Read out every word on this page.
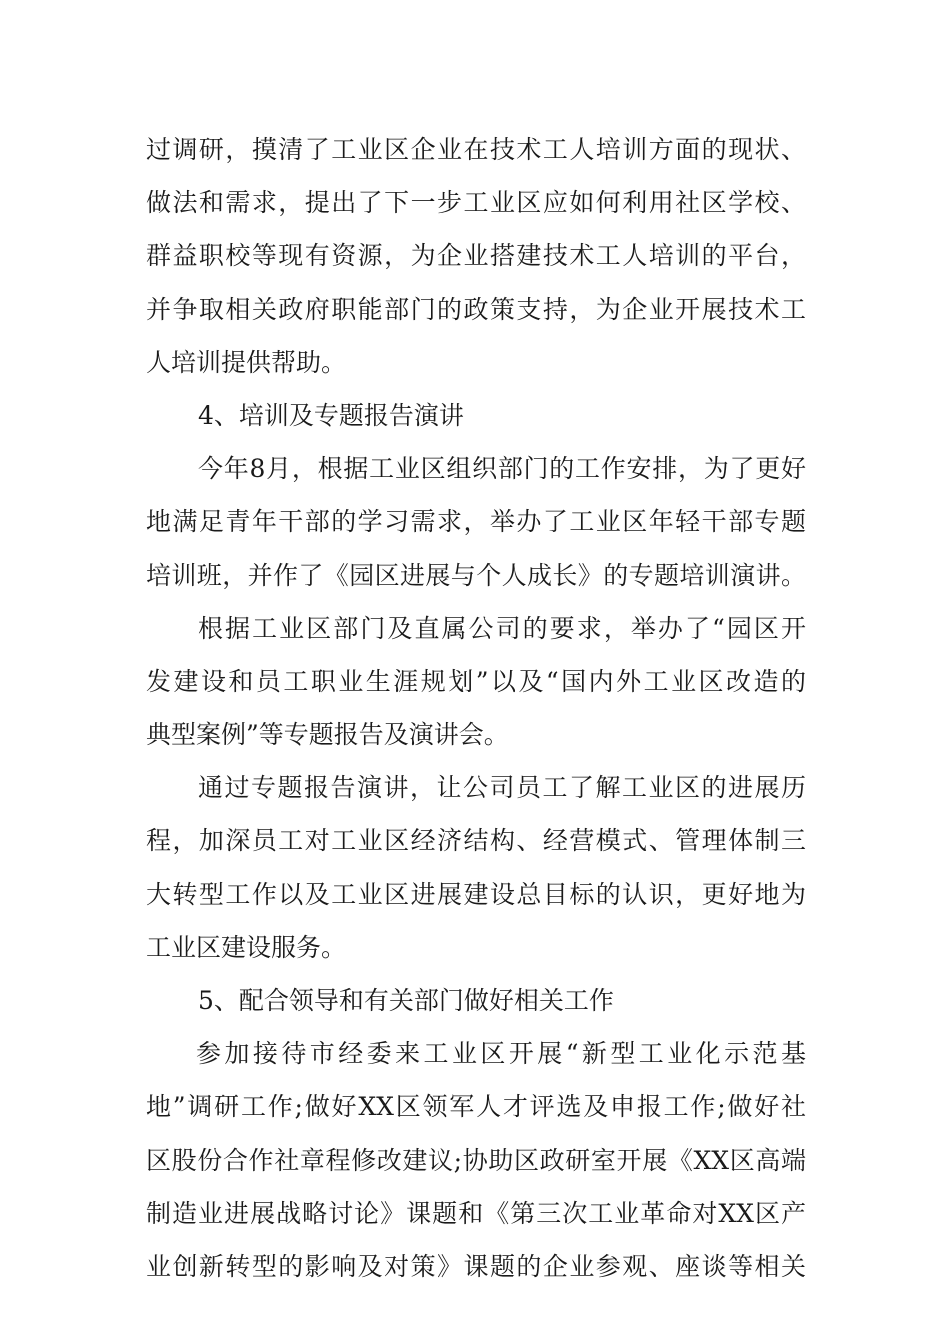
过调研，摸清了工业区企业在技术工人培训方面的现状、
做法和需求，提出了下一步工业区应如何利用社区学校、
群益职校等现有资源，为企业搭建技术工人培训的平台，
并争取相关政府职能部门的政策支持，为企业开展技术工
人培训提供帮助。
4、培训及专题报告演讲
今年8月，根据工业区组织部门的工作安排，为了更好
地满足青年干部的学习需求，举办了工业区年轻干部专题
培训班，并作了《园区进展与个人成长》的专题培训演讲。
根据工业区部门及直属公司的要求，举办了“园区开
发建设和员工职业生涯规划”以及“国内外工业区改造的
典型案例”等专题报告及演讲会。
通过专题报告演讲，让公司员工了解工业区的进展历
程，加深员工对工业区经济结构、经营模式、管理体制三
大转型工作以及工业区进展建设总目标的认识，更好地为
工业区建设服务。
5、配合领导和有关部门做好相关工作
参加接待市经委来工业区开展“新型工业化示范基
地”调研工作;做好XX区领军人才评选及申报工作;做好社
区股份合作社章程修改建议;协助区政研室开展《XX区高端
制造业进展战略讨论》课题和《第三次工业革命对XX区产
业创新转型的影响及对策》课题的企业参观、座谈等相关
